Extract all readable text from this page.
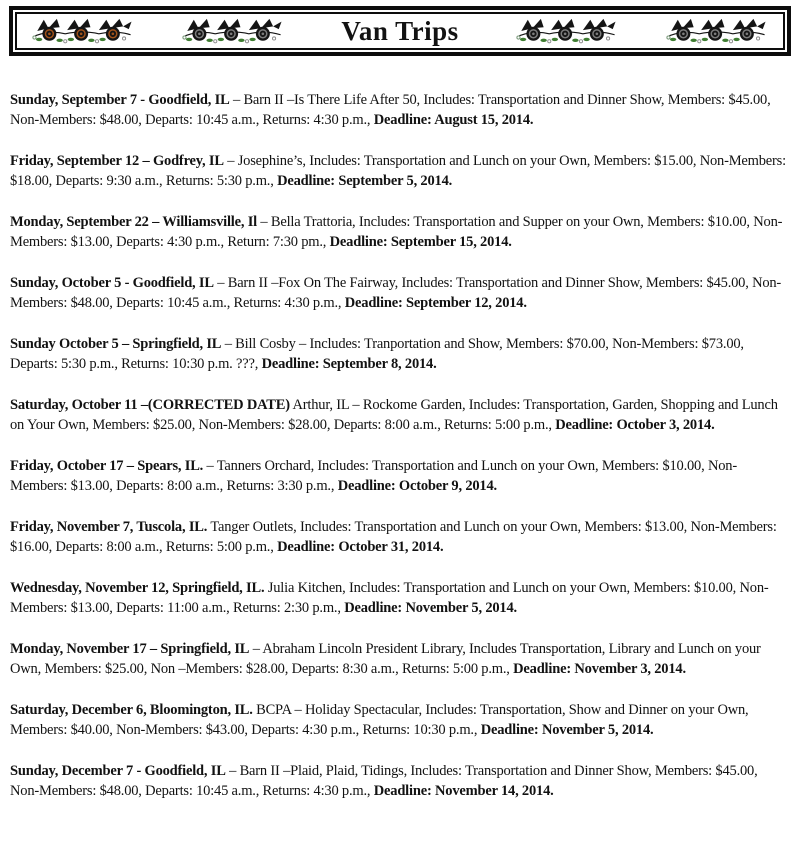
Van Trips

Sunday, September 7 - Goodfield, IL – Barn II –Is There Life After 50, Includes: Transportation and Dinner Show, Members: $45.00, Non-Members: $48.00, Departs: 10:45 a.m., Returns: 4:30 p.m., Deadline: August 15, 2014.

Friday, September 12 – Godfrey, IL – Josephine’s, Includes: Transportation and Lunch on your Own, Members: $15.00, Non-Members: $18.00, Departs: 9:30 a.m., Returns: 5:30 p.m., Deadline: September 5, 2014.

Monday, September 22 – Williamsville, Il – Bella Trattoria, Includes: Transportation and Supper on your Own, Members: $10.00, Non-Members: $13.00, Departs: 4:30 p.m., Return: 7:30 pm., Deadline: September 15, 2014.

Sunday, October 5 - Goodfield, IL – Barn II –Fox On The Fairway, Includes: Transportation and Dinner Show, Members: $45.00, Non-Members: $48.00, Departs: 10:45 a.m., Returns: 4:30 p.m., Deadline: September 12, 2014.

Sunday October 5 – Springfield, IL – Bill Cosby – Includes: Tranportation and Show, Members: $70.00, Non-Members: $73.00, Departs: 5:30 p.m., Returns: 10:30 p.m. ???, Deadline: September 8, 2014.

Saturday, October 11 –(CORRECTED DATE) Arthur, IL – Rockome Garden, Includes: Transportation, Garden, Shopping and Lunch on Your Own, Members: $25.00, Non-Members: $28.00, Departs: 8:00 a.m., Returns: 5:00 p.m., Deadline: October 3, 2014.

Friday, October 17 – Spears, IL. – Tanners Orchard, Includes: Transportation and Lunch on your Own, Members: $10.00, Non-Members: $13.00, Departs: 8:00 a.m., Returns: 3:30 p.m., Deadline: October 9, 2014.

Friday, November 7, Tuscola, IL. Tanger Outlets, Includes: Transportation and Lunch on your Own, Members: $13.00, Non-Members: $16.00, Departs: 8:00 a.m., Returns: 5:00 p.m., Deadline: October 31, 2014.

Wednesday, November 12, Springfield, IL. Julia Kitchen, Includes: Transportation and Lunch on your Own, Members: $10.00, Non-Members: $13.00, Departs: 11:00 a.m., Returns: 2:30 p.m., Deadline: November 5, 2014.

Monday, November 17 – Springfield, IL – Abraham Lincoln President Library, Includes Transportation, Library and Lunch on your Own, Members: $25.00, Non –Members: $28.00, Departs: 8:30 a.m., Returns: 5:00 p.m., Deadline: November 3, 2014.

Saturday, December 6, Bloomington, IL. BCPA – Holiday Spectacular, Includes: Transportation, Show and Dinner on your Own, Members: $40.00, Non-Members: $43.00, Departs: 4:30 p.m., Returns: 10:30 p.m., Deadline: November 5, 2014.

Sunday, December 7 - Goodfield, IL – Barn II –Plaid, Plaid, Tidings, Includes: Transportation and Dinner Show, Members: $45.00, Non-Members: $48.00, Departs: 10:45 a.m., Returns: 4:30 p.m., Deadline: November 14, 2014.
